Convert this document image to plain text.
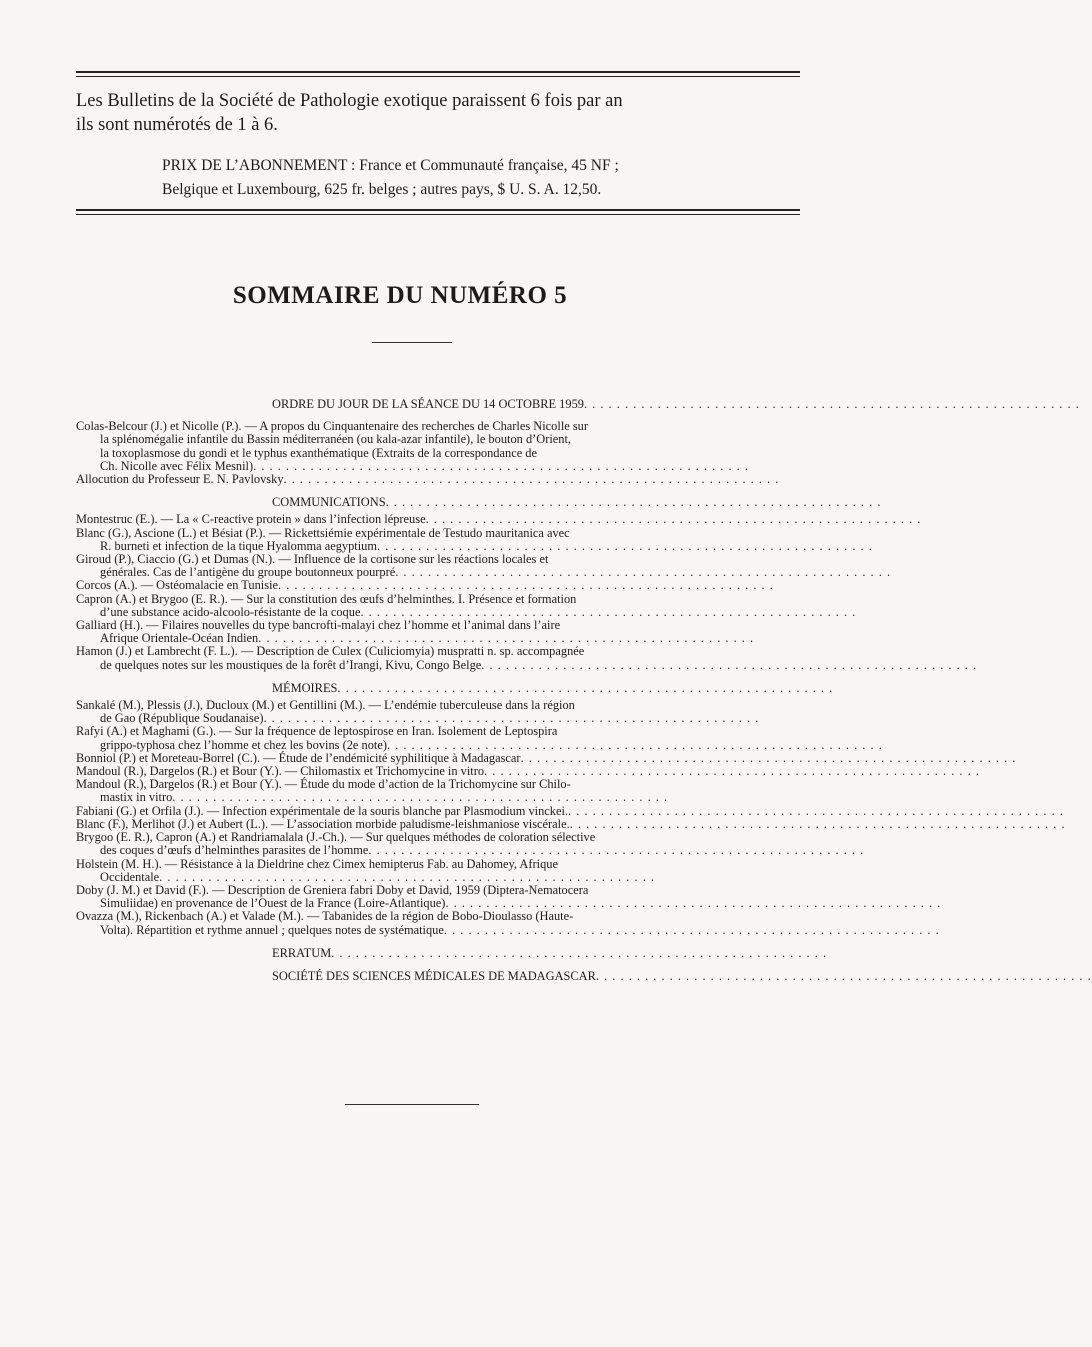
Les Bulletins de la Société de Pathologie exotique paraissent 6 fois par an
ils sont numérotés de 1 à 6.
PRIX DE L’ABONNEMENT : France et Communauté française, 45 NF ;
Belgique et Luxembourg, 625 fr. belges ; autres pays, $ U. S. A. 12,50.
SOMMAIRE DU NUMÉRO 5
ORDRE DU JOUR DE LA SÉANCE DU 14 OCTOBRE 1959 . . . . . . . . . . . . . . . . . . . . . . . . . . . . . . . . . . . . . . . . . . . . . . . . . . . . . . . . . . . . .
Colas-Belcour (J.) et Nicolle (P.). — A propos du Cinquantenaire des recherches de Charles Nicolle sur
la splénomégalie infantile du Bassin méditerranéen (ou kala-azar infantile), le bouton d’Orient,
la toxoplasmose du gondi et le typhus exanthématique (Extraits de la correspondance de
Ch. Nicolle avec Félix Mesnil) . . . . . . . . . . . . . . . . . . . . . . . . . . . . . . . . . . . . . . . . . . . . . . . . . . . . . . . . . . . . .
Allocution du Professeur E. N. Pavlovsky . . . . . . . . . . . . . . . . . . . . . . . . . . . . . . . . . . . . . . . . . . . . . . . . . . . . . . . . . . . . .
COMMUNICATIONS . . . . . . . . . . . . . . . . . . . . . . . . . . . . . . . . . . . . . . . . . . . . . . . . . . . . . . . . . . . . .
Montestruc (E.). — La « C-reactive protein » dans l’infection lépreuse . . . . . . . . . . . . . . . . . . . . . . . . . . . . . . . . . . . . . . . . . . . . . . . . . . . . . . . . . . . . .
Blanc (G.), Ascione (L.) et Bésiat (P.). — Rickettsiémie expérimentale de Testudo mauritanica avec
R. burneti et infection de la tique Hyalomma aegyptium . . . . . . . . . . . . . . . . . . . . . . . . . . . . . . . . . . . . . . . . . . . . . . . . . . . . . . . . . . . . .
Giroud (P.), Ciaccio (G.) et Dumas (N.). — Influence de la cortisone sur les réactions locales et
générales. Cas de l’antigène du groupe boutonneux pourpré . . . . . . . . . . . . . . . . . . . . . . . . . . . . . . . . . . . . . . . . . . . . . . . . . . . . . . . . . . . . .
Corcos (A.). — Ostéomalacie en Tunisie . . . . . . . . . . . . . . . . . . . . . . . . . . . . . . . . . . . . . . . . . . . . . . . . . . . . . . . . . . . . .
Capron (A.) et Brygoo (E. R.). — Sur la constitution des œufs d’helminthes. I. Présence et formation
d’une substance acido-alcoolo-résistante de la coque . . . . . . . . . . . . . . . . . . . . . . . . . . . . . . . . . . . . . . . . . . . . . . . . . . . . . . . . . . . . .
Galliard (H.). — Filaires nouvelles du type bancrofti-malayi chez l’homme et l’animal dans l’aire
Afrique Orientale-Océan Indien . . . . . . . . . . . . . . . . . . . . . . . . . . . . . . . . . . . . . . . . . . . . . . . . . . . . . . . . . . . . .
Hamon (J.) et Lambrecht (F. L.). — Description de Culex (Culiciomyia) muspratti n. sp. accompagnée
de quelques notes sur les moustiques de la forêt d’Irangi, Kivu, Congo Belge . . . . . . . . . . . . . . . . . . . . . . . . . . . . . . . . . . . . . . . . . . . . . . . . . . . . . . . . . . . . .
MÉMOIRES . . . . . . . . . . . . . . . . . . . . . . . . . . . . . . . . . . . . . . . . . . . . . . . . . . . . . . . . . . . . .
Sankalé (M.), Plessis (J.), Ducloux (M.) et Gentillini (M.). — L’endémie tuberculeuse dans la région
de Gao (République Soudanaise) . . . . . . . . . . . . . . . . . . . . . . . . . . . . . . . . . . . . . . . . . . . . . . . . . . . . . . . . . . . . .
Rafyi (A.) et Maghami (G.). — Sur la fréquence de leptospirose en Iran. Isolement de Leptospira
grippo-typhosa chez l’homme et chez les bovins (2e note) . . . . . . . . . . . . . . . . . . . . . . . . . . . . . . . . . . . . . . . . . . . . . . . . . . . . . . . . . . . . .
Bonniol (P.) et Moreteau-Borrel (C.). — Étude de l’endémicité syphilitique à Madagascar . . . . . . . . . . . . . . . . . . . . . . . . . . . . . . . . . . . . . . . . . . . . . . . . . . . . . . . . . . . . .
Mandoul (R.), Dargelos (R.) et Bour (Y.). — Chilomastix et Trichomycine in vitro . . . . . . . . . . . . . . . . . . . . . . . . . . . . . . . . . . . . . . . . . . . . . . . . . . . . . . . . . . . . .
Mandoul (R.), Dargelos (R.) et Bour (Y.). — Étude du mode d’action de la Trichomycine sur Chilo-
mastix in vitro . . . . . . . . . . . . . . . . . . . . . . . . . . . . . . . . . . . . . . . . . . . . . . . . . . . . . . . . . . . . .
Fabiani (G.) et Orfila (J.). — Infection expérimentale de la souris blanche par Plasmodium vinckei. . . . . . . . . . . . . . . . . . . . . . . . . . . . . . . . . . . . . . . . . . . . . . . . . . . . . . . . . . . . . .
Blanc (F.), Merlihot (J.) et Aubert (L.). — L’association morbide paludisme-leishmaniose viscérale. . . . . . . . . . . . . . . . . . . . . . . . . . . . . . . . . . . . . . . . . . . . . . . . . . . . . . . . . . . . . .
Brygoo (E. R.), Capron (A.) et Randriamalala (J.-Ch.). — Sur quelques méthodes de coloration sélective
des coques d’œufs d’helminthes parasites de l’homme . . . . . . . . . . . . . . . . . . . . . . . . . . . . . . . . . . . . . . . . . . . . . . . . . . . . . . . . . . . . .
Holstein (M. H.). — Résistance à la Dieldrine chez Cimex hemipterus Fab. au Dahomey, Afrique
Occidentale . . . . . . . . . . . . . . . . . . . . . . . . . . . . . . . . . . . . . . . . . . . . . . . . . . . . . . . . . . . . .
Doby (J. M.) et David (F.). — Description de Greniera fabri Doby et David, 1959 (Diptera-Nematocera
Simuliidae) en provenance de l’Ouest de la France (Loire-Atlantique) . . . . . . . . . . . . . . . . . . . . . . . . . . . . . . . . . . . . . . . . . . . . . . . . . . . . . . . . . . . . .
Ovazza (M.), Rickenbach (A.) et Valade (M.). — Tabanides de la région de Bobo-Dioulasso (Haute-
Volta). Répartition et rythme annuel ; quelques notes de systématique . . . . . . . . . . . . . . . . . . . . . . . . . . . . . . . . . . . . . . . . . . . . . . . . . . . . . . . . . . . . .
ERRATUM . . . . . . . . . . . . . . . . . . . . . . . . . . . . . . . . . . . . . . . . . . . . . . . . . . . . . . . . . . . . .
SOCIÉTÉ DES SCIENCES MÉDICALES DE MADAGASCAR . . . . . . . . . . . . . . . . . . . . . . . . . . . . . . . . . . . . . . . . . . . . . . . . . . . . . . . . . . . . .
